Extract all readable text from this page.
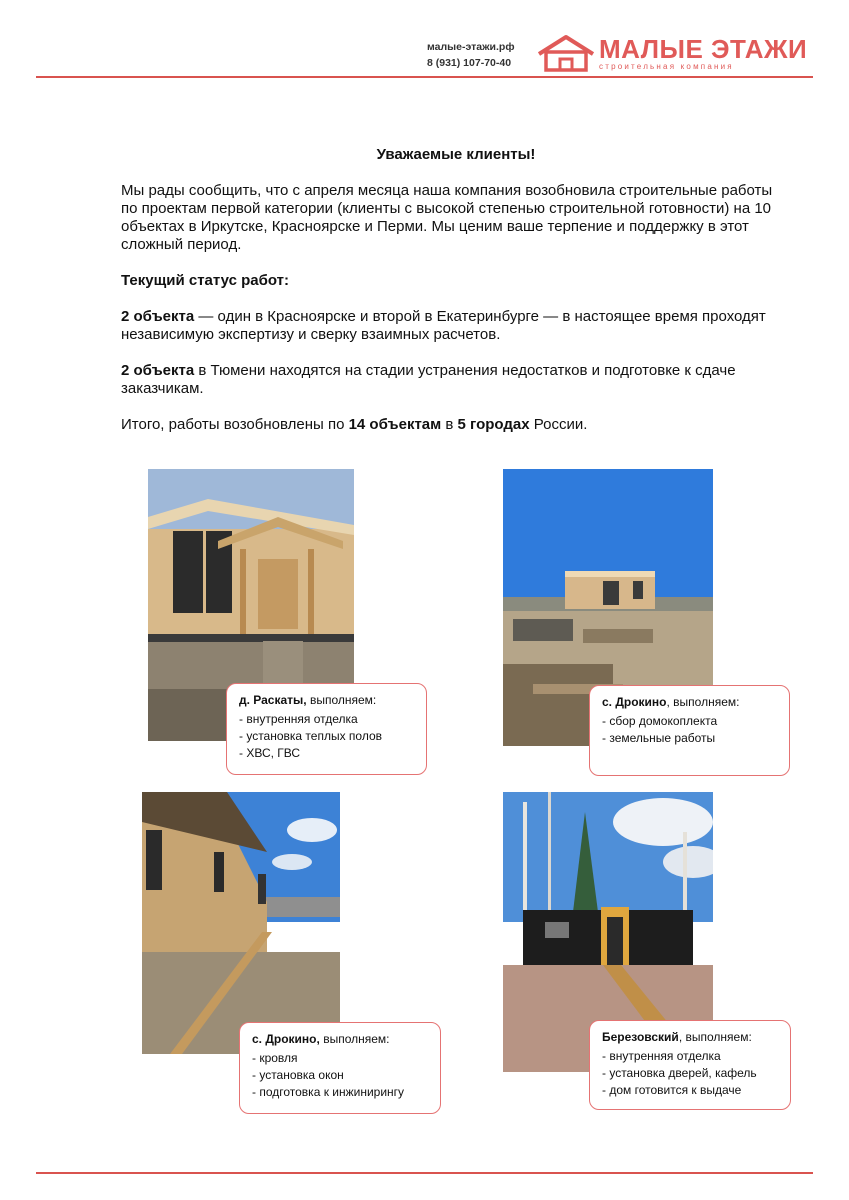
малые-этажи.рф
8 (931) 107-70-40	МАЛЫЕ ЭТАЖИ
строительная компания

Уважаемые клиенты!

Мы рады сообщить, что с апреля месяца наша компания возобновила строительные работы по проектам первой категории (клиенты с высокой степенью строительной готовности) на 10 объектах в Иркутске, Красноярске и Перми. Мы ценим ваше терпение и поддержку в этот сложный период.

Текущий статус работ:

2 объекта — один в Красноярске и второй в Екатеринбурге — в настоящее время проходят независимую экспертизу и сверку взаимных расчетов.

2 объекта в Тюмени находятся на стадии устранения недостатков и подготовке к сдаче заказчикам.

Итого, работы возобновлены по 14 объектам в 5 городах России.

д. Раскаты, выполняем:
- внутренняя отделка
- установка теплых полов
- ХВС, ГВС
с. Дрокино, выполняем:
- сбор домокоплекта
- земельные работы
с. Дрокино, выполняем:
- кровля
- установка окон
- подготовка к инжинирингу
Березовский, выполняем:
- внутренняя отделка
- установка дверей, кафель
- дом готовится к выдаче
